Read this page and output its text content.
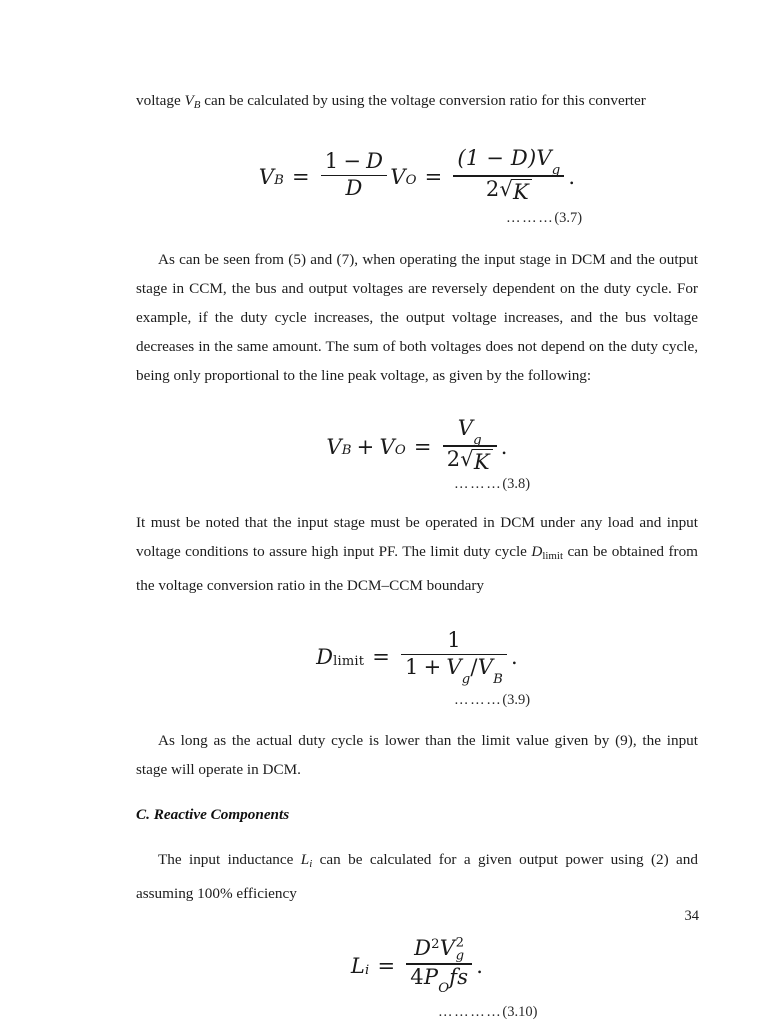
voltage $V_B$ can be calculated by using the voltage conversion ratio for this converter

V $B = \frac{1 - D}{D}$ V $O = \frac{(1 - D)Vg}{2 √ K}$ .
………(3.7)

As can be seen from (5) and (7), when operating the input stage in DCM and the output stage in CCM, the bus and output voltages are reversely dependent on the duty cycle. For example, if the duty cycle increases, the output voltage increases, and the bus voltage decreases in the same amount. The sum of both voltages does not depend on the duty cycle, being only proportional to the line peak voltage, as given by the following:

V B + V $O = \frac{Vg}{2 √ K}$ .
………(3.8)

It must be noted that the input stage must be operated in DCM under any load and input voltage conditions to assure high input PF. The limit duty cycle $D_{limit}$ can be obtained from the voltage conversion ratio in the DCM–CCM boundary

D limit = $\frac{1}{1 + Vg/VB}$ .
………(3.9)

As long as the actual duty cycle is lower than the limit value given by (9), the input stage will operate in DCM.

C. Reactive Components

The input inductance $L_i$ can be calculated for a given output power using (2) and assuming 100% efficiency

L i = D2V 2
g
4POfs .
…………(3.10)
34
